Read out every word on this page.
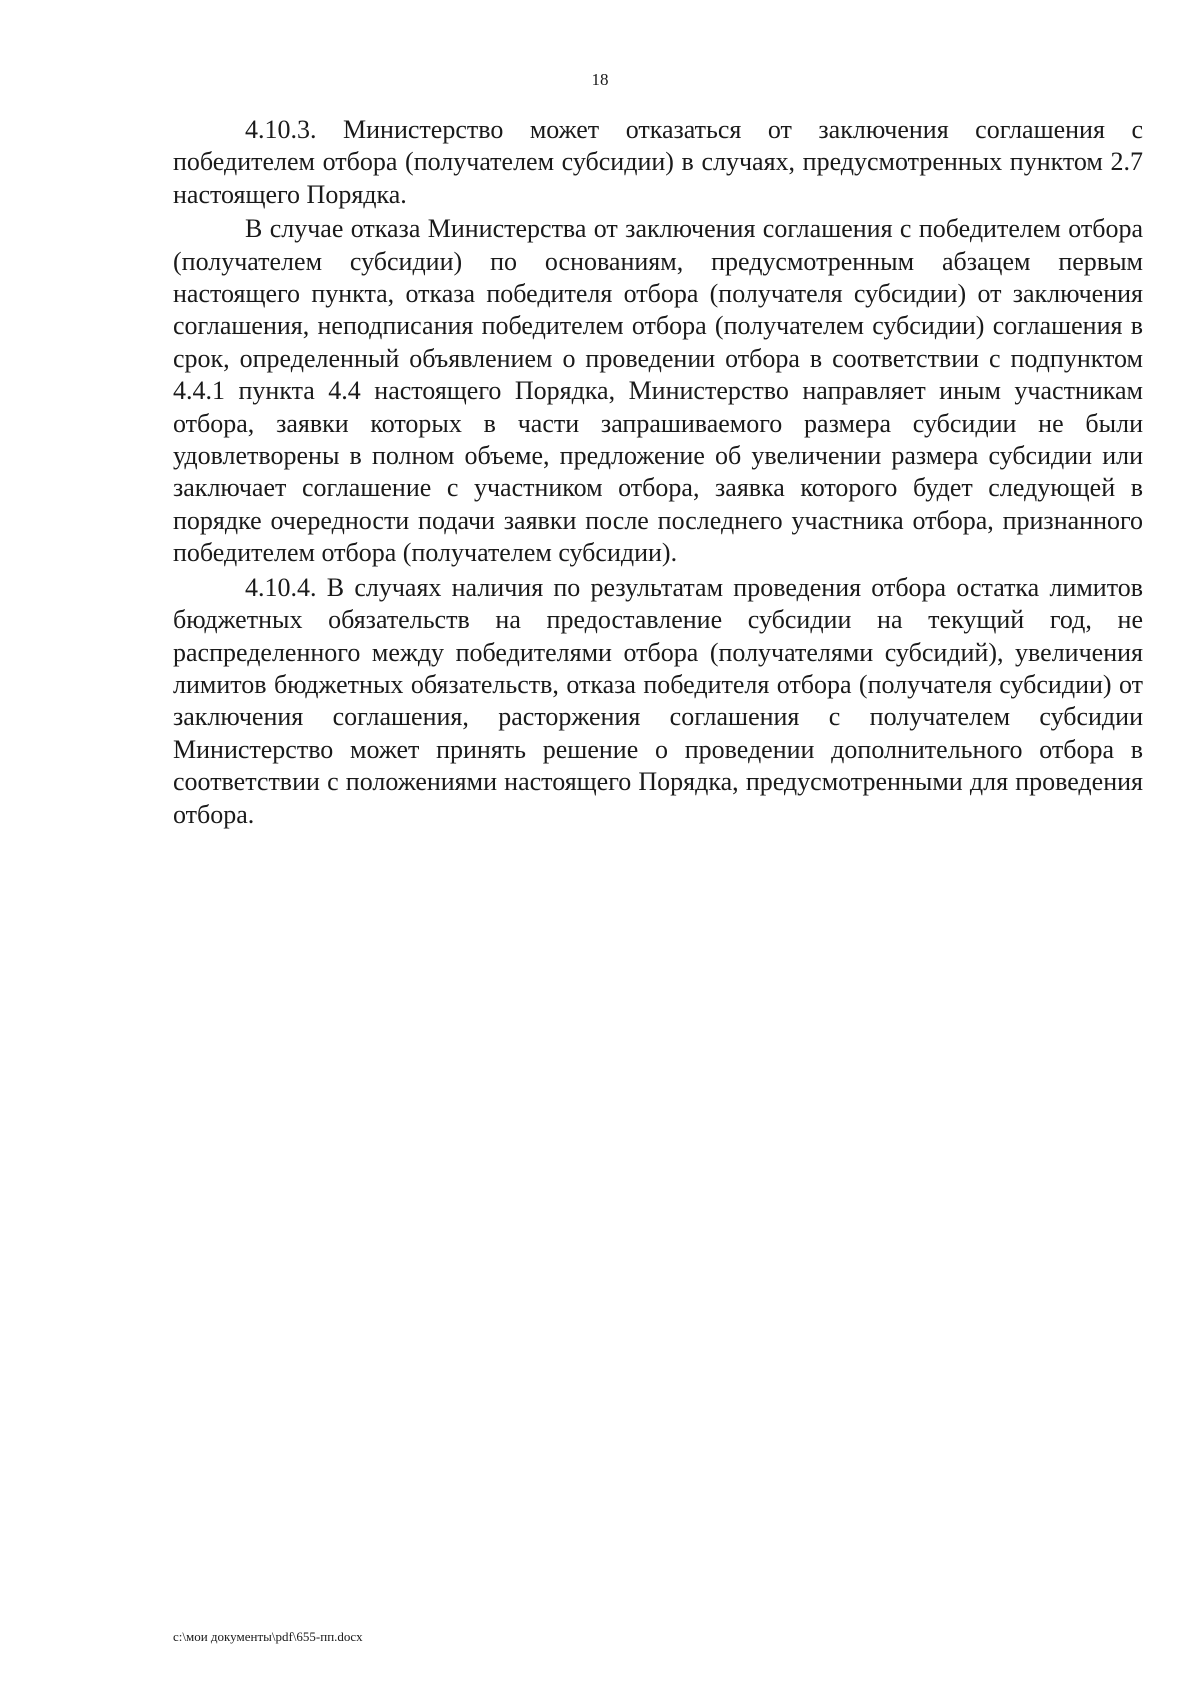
18

4.10.3. Министерство может отказаться от заключения соглашения с победителем отбора (получателем субсидии) в случаях, предусмотренных пунктом 2.7 настоящего Порядка.

В случае отказа Министерства от заключения соглашения с победителем отбора (получателем субсидии) по основаниям, предусмотренным абзацем первым настоящего пункта, отказа победителя отбора (получателя субсидии) от заключения соглашения, неподписания победителем отбора (получателем субсидии) соглашения в срок, определенный объявлением о проведении отбора в соответствии с подпунктом 4.4.1 пункта 4.4 настоящего Порядка, Министерство направляет иным участникам отбора, заявки которых в части запрашиваемого размера субсидии не были удовлетворены в полном объеме, предложение об увеличении размера субсидии или заключает соглашение с участником отбора, заявка которого будет следующей в порядке очередности подачи заявки после последнего участника отбора, признанного победителем отбора (получателем субсидии).

4.10.4. В случаях наличия по результатам проведения отбора остатка лимитов бюджетных обязательств на предоставление субсидии на текущий год, не распределенного между победителями отбора (получателями субсидий), увеличения лимитов бюджетных обязательств, отказа победителя отбора (получателя субсидии) от заключения соглашения, расторжения соглашения с получателем субсидии Министерство может принять решение о проведении дополнительного отбора в соответствии с положениями настоящего Порядка, предусмотренными для проведения отбора.

c:\мои документы\pdf\655-пп.docx
